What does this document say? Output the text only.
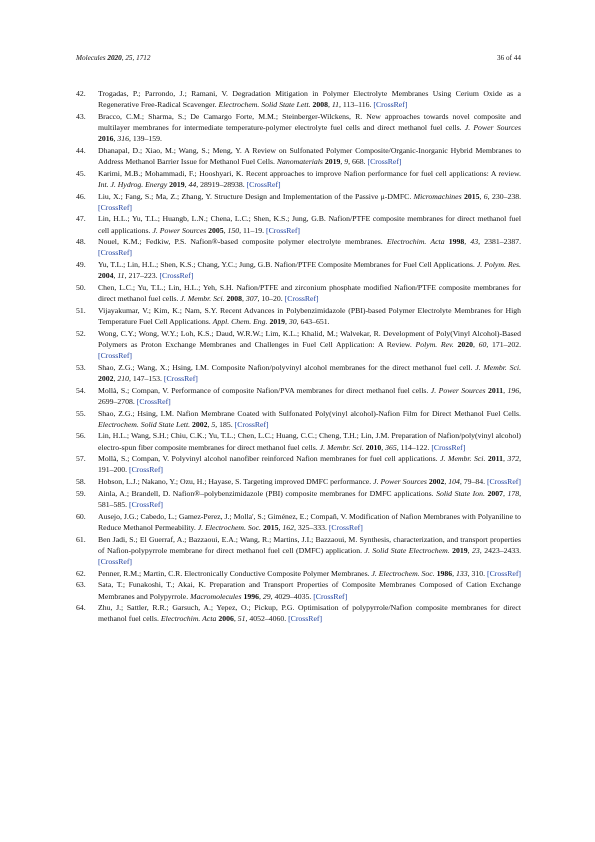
Molecules 2020, 25, 1712	36 of 44
42. Trogadas, P.; Parrondo, J.; Ramani, V. Degradation Mitigation in Polymer Electrolyte Membranes Using Cerium Oxide as a Regenerative Free-Radical Scavenger. Electrochem. Solid State Lett. 2008, 11, 113–116. [CrossRef]
43. Bracco, C.M.; Sharma, S.; De Camargo Forte, M.M.; Steinberger-Wilckens, R. New approaches towards novel composite and multilayer membranes for intermediate temperature-polymer electrolyte fuel cells and direct methanol fuel cells. J. Power Sources 2016, 316, 139–159.
44. Dhanapal, D.; Xiao, M.; Wang, S.; Meng, Y. A Review on Sulfonated Polymer Composite/Organic-Inorganic Hybrid Membranes to Address Methanol Barrier Issue for Methanol Fuel Cells. Nanomaterials 2019, 9, 668. [CrossRef]
45. Karimi, M.B.; Mohammadi, F.; Hooshyari, K. Recent approaches to improve Nafion performance for fuel cell applications: A review. Int. J. Hydrog. Energy 2019, 44, 28919–28938. [CrossRef]
46. Liu, X.; Fang, S.; Ma, Z.; Zhang, Y. Structure Design and Implementation of the Passive μ-DMFC. Micromachines 2015, 6, 230–238. [CrossRef]
47. Lin, H.L.; Yu, T.L.; Huangb, L.N.; Chena, L.C.; Shen, K.S.; Jung, G.B. Nafion/PTFE composite membranes for direct methanol fuel cell applications. J. Power Sources 2005, 150, 11–19. [CrossRef]
48. Nouel, K.M.; Fedkiw, P.S. Nafion®-based composite polymer electrolyte membranes. Electrochim. Acta 1998, 43, 2381–2387. [CrossRef]
49. Yu, T.L.; Lin, H.L.; Shen, K.S.; Chang, Y.C.; Jung, G.B. Nafion/PTFE Composite Membranes for Fuel Cell Applications. J. Polym. Res. 2004, 11, 217–223. [CrossRef]
50. Chen, L.C.; Yu, T.L.; Lin, H.L.; Yeh, S.H. Nafion/PTFE and zirconium phosphate modified Nafion/PTFE composite membranes for direct methanol fuel cells. J. Membr. Sci. 2008, 307, 10–20. [CrossRef]
51. Vijayakumar, V.; Kim, K.; Nam, S.Y. Recent Advances in Polybenzimidazole (PBI)-based Polymer Electrolyte Membranes for High Temperature Fuel Cell Applications. Appl. Chem. Eng. 2019, 30, 643–651.
52. Wong, C.Y.; Wong, W.Y.; Loh, K.S.; Daud, W.R.W.; Lim, K.L.; Khalid, M.; Walvekar, R. Development of Poly(Vinyl Alcohol)-Based Polymers as Proton Exchange Membranes and Challenges in Fuel Cell Application: A Review. Polym. Rev. 2020, 60, 171–202. [CrossRef]
53. Shao, Z.G.; Wang, X.; Hsing, I.M. Composite Nafion/polyvinyl alcohol membranes for the direct methanol fuel cell. J. Membr. Sci. 2002, 210, 147–153. [CrossRef]
54. Mollà, S.; Compan, V. Performance of composite Nafion/PVA membranes for direct methanol fuel cells. J. Power Sources 2011, 196, 2699–2708. [CrossRef]
55. Shao, Z.G.; Hsing, I.M. Nafion Membrane Coated with Sulfonated Poly(vinyl alcohol)-Nafion Film for Direct Methanol Fuel Cells. Electrochem. Solid State Lett. 2002, 5, 185. [CrossRef]
56. Lin, H.L.; Wang, S.H.; Chiu, C.K.; Yu, T.L.; Chen, L.C.; Huang, C.C.; Cheng, T.H.; Lin, J.M. Preparation of Nafion/poly(vinyl alcohol) electro-spun fiber composite membranes for direct methanol fuel cells. J. Membr. Sci. 2010, 365, 114–122. [CrossRef]
57. Mollà, S.; Compan, V. Polyvinyl alcohol nanofiber reinforced Nafion membranes for fuel cell applications. J. Membr. Sci. 2011, 372, 191–200. [CrossRef]
58. Hobson, L.J.; Nakano, Y.; Ozu, H.; Hayase, S. Targeting improved DMFC performance. J. Power Sources 2002, 104, 79–84. [CrossRef]
59. Ainla, A.; Brandell, D. Nafion®–polybenzimidazole (PBI) composite membranes for DMFC applications. Solid State Ion. 2007, 178, 581–585. [CrossRef]
60. Ausejo, J.G.; Cabedo, L.; Gamez-Perez, J.; Molla', S.; Giménez, E.; Compañ, V. Modification of Nafion Membranes with Polyaniline to Reduce Methanol Permeability. J. Electrochem. Soc. 2015, 162, 325–333. [CrossRef]
61. Ben Jadi, S.; El Guerraf, A.; Bazzaoui, E.A.; Wang, R.; Martins, J.I.; Bazzaoui, M. Synthesis, characterization, and transport properties of Nafion-polypyrrole membrane for direct methanol fuel cell (DMFC) application. J. Solid State Electrochem. 2019, 23, 2423–2433. [CrossRef]
62. Penner, R.M.; Martin, C.R. Electronically Conductive Composite Polymer Membranes. J. Electrochem. Soc. 1986, 133, 310. [CrossRef]
63. Sata, T.; Funakoshi, T.; Akai, K. Preparation and Transport Properties of Composite Membranes Composed of Cation Exchange Membranes and Polypyrrole. Macromolecules 1996, 29, 4029–4035. [CrossRef]
64. Zhu, J.; Sattler, R.R.; Garsuch, A.; Yepez, O.; Pickup, P.G. Optimisation of polypyrrole/Nafion composite membranes for direct methanol fuel cells. Electrochim. Acta 2006, 51, 4052–4060. [CrossRef]
